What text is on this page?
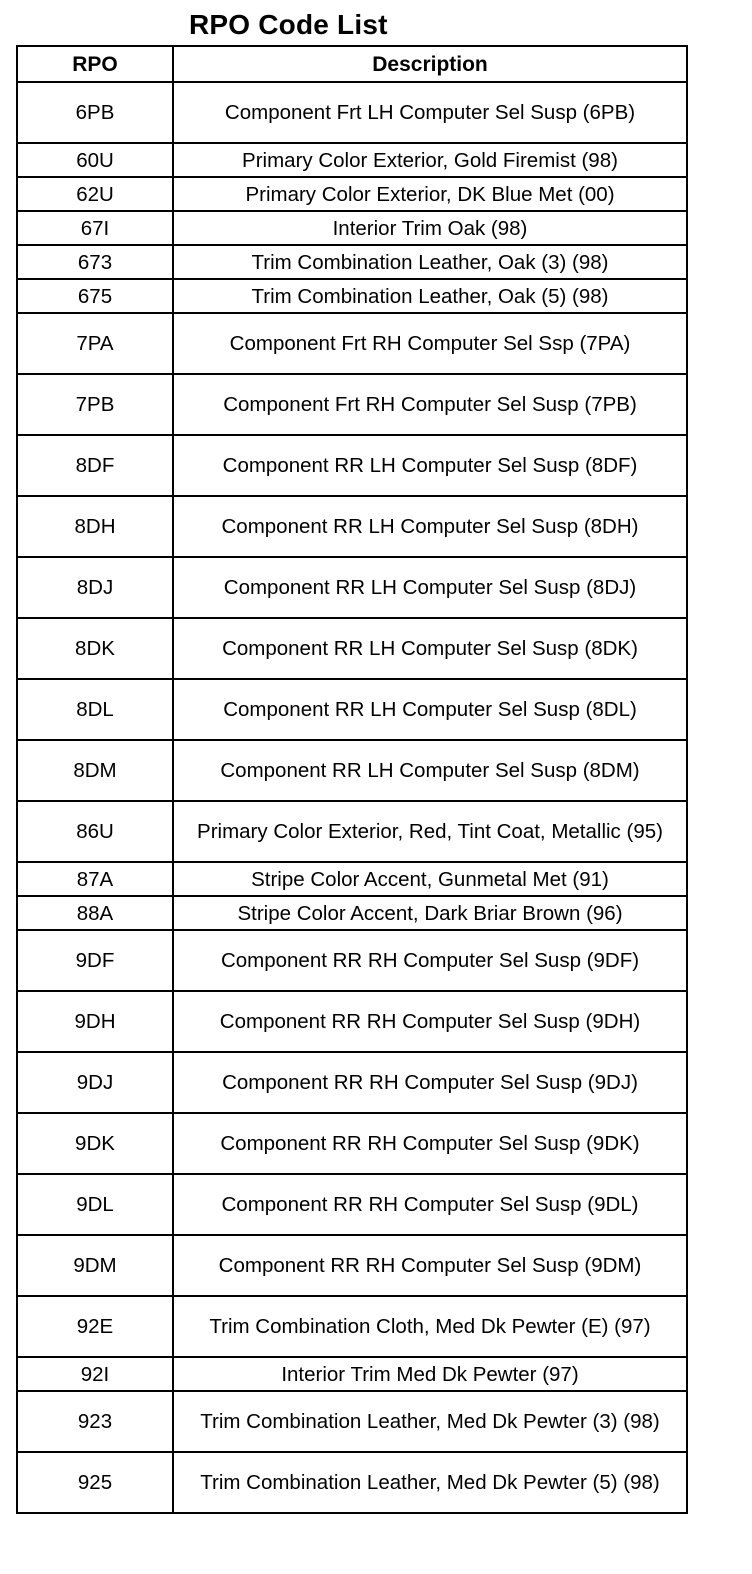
RPO Code List
RPO	Description
6PB	Component Frt LH Computer Sel Susp (6PB)
60U	Primary Color Exterior, Gold Firemist (98)
62U	Primary Color Exterior, DK Blue Met (00)
67I	Interior Trim Oak (98)
673	Trim Combination Leather, Oak (3) (98)
675	Trim Combination Leather, Oak (5) (98)
7PA	Component Frt RH Computer Sel Ssp (7PA)
7PB	Component Frt RH Computer Sel Susp (7PB)
8DF	Component RR LH Computer Sel Susp (8DF)
8DH	Component RR LH Computer Sel Susp (8DH)
8DJ	Component RR LH Computer Sel Susp (8DJ)
8DK	Component RR LH Computer Sel Susp (8DK)
8DL	Component RR LH Computer Sel Susp (8DL)
8DM	Component RR LH Computer Sel Susp (8DM)
86U	Primary Color Exterior, Red, Tint Coat, Metallic (95)
87A	Stripe Color Accent, Gunmetal Met (91)
88A	Stripe Color Accent, Dark Briar Brown (96)
9DF	Component RR RH Computer Sel Susp (9DF)
9DH	Component RR RH Computer Sel Susp (9DH)
9DJ	Component RR RH Computer Sel Susp (9DJ)
9DK	Component RR RH Computer Sel Susp (9DK)
9DL	Component RR RH Computer Sel Susp (9DL)
9DM	Component RR RH Computer Sel Susp (9DM)
92E	Trim Combination Cloth, Med Dk Pewter (E) (97)
92I	Interior Trim Med Dk Pewter (97)
923	Trim Combination Leather, Med Dk Pewter (3) (98)
925	Trim Combination Leather, Med Dk Pewter (5) (98)
